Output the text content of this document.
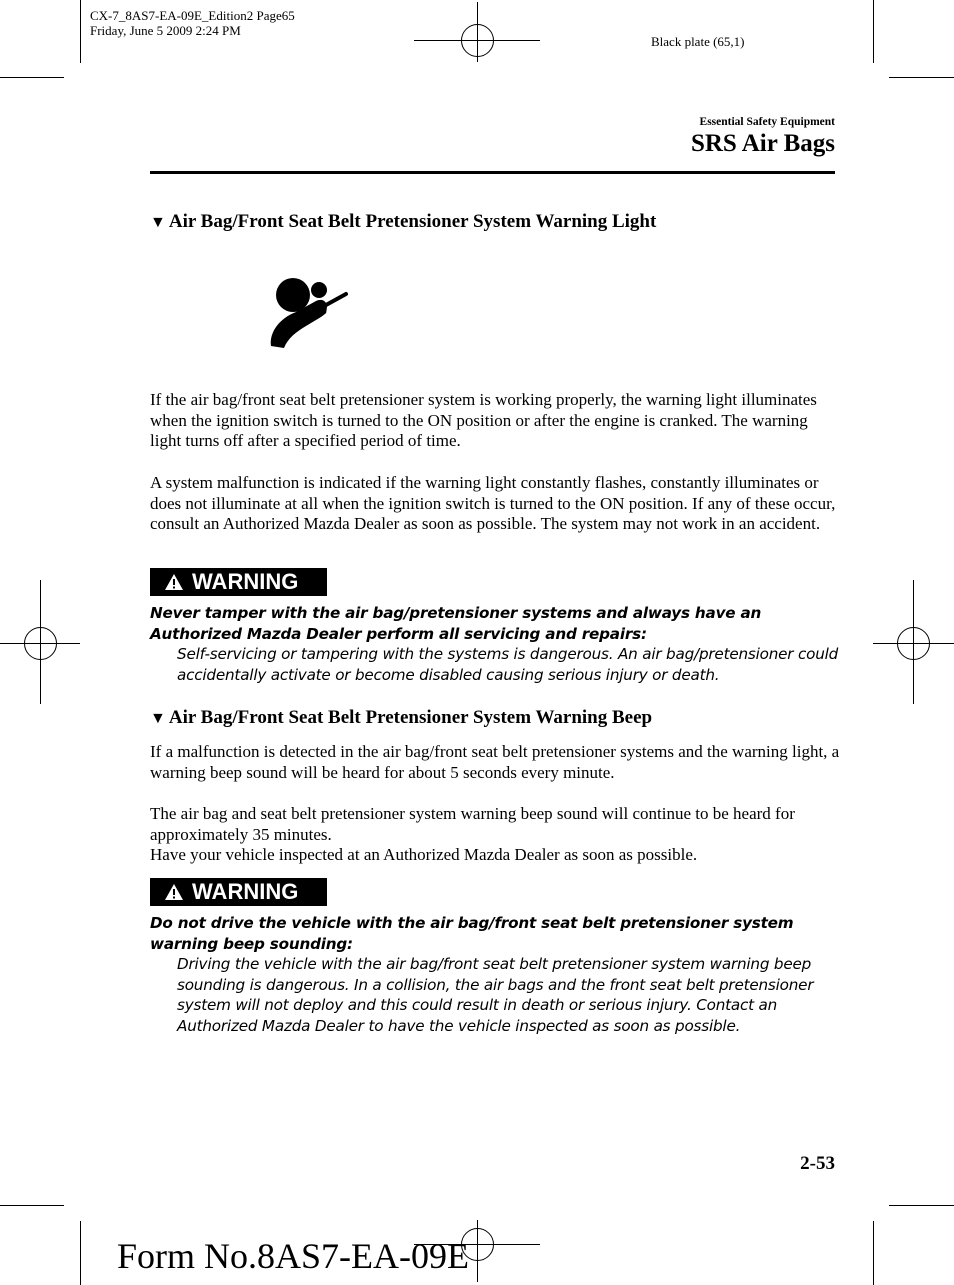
CX-7_8AS7-EA-09E_Edition2 Page65
Friday, June 5 2009 2:24 PM
Black plate (65,1)
Essential Safety Equipment
SRS Air Bags
▼ Air Bag/Front Seat Belt Pretensioner System Warning Light
If the air bag/front seat belt pretensioner system is working properly, the warning light illuminates when the ignition switch is turned to the ON position or after the engine is cranked. The warning light turns off after a specified period of time.
A system malfunction is indicated if the warning light constantly flashes, constantly illuminates or does not illuminate at all when the ignition switch is turned to the ON position. If any of these occur, consult an Authorized Mazda Dealer as soon as possible. The system may not work in an accident.
WARNING
Never tamper with the air bag/pretensioner systems and always have an Authorized Mazda Dealer perform all servicing and repairs:
Self-servicing or tampering with the systems is dangerous. An air bag/pretensioner could accidentally activate or become disabled causing serious injury or death.
▼ Air Bag/Front Seat Belt Pretensioner System Warning Beep
If a malfunction is detected in the air bag/front seat belt pretensioner systems and the warning light, a warning beep sound will be heard for about 5 seconds every minute.
The air bag and seat belt pretensioner system warning beep sound will continue to be heard for approximately 35 minutes.
Have your vehicle inspected at an Authorized Mazda Dealer as soon as possible.
WARNING
Do not drive the vehicle with the air bag/front seat belt pretensioner system warning beep sounding:
Driving the vehicle with the air bag/front seat belt pretensioner system warning beep sounding is dangerous. In a collision, the air bags and the front seat belt pretensioner system will not deploy and this could result in death or serious injury. Contact an Authorized Mazda Dealer to have the vehicle inspected as soon as possible.
2-53
Form No.8AS7-EA-09E
